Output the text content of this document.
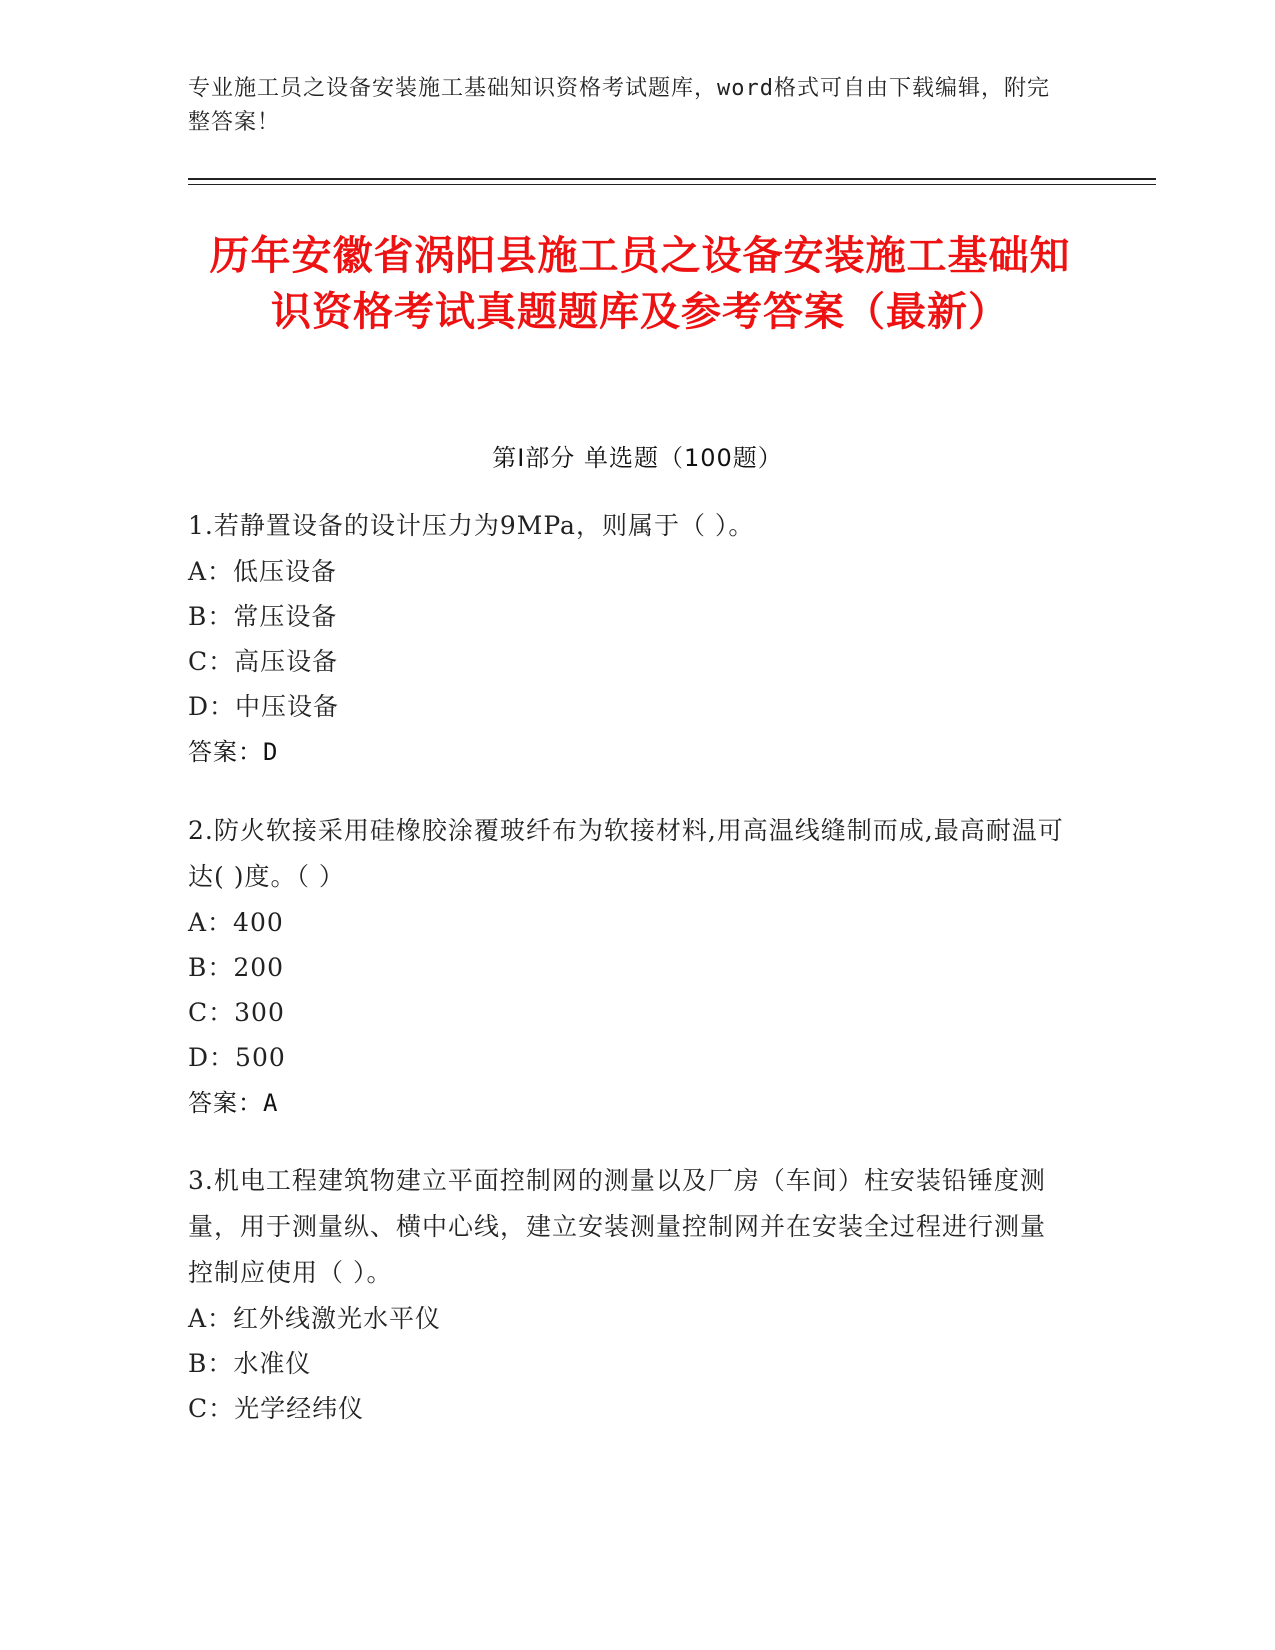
专业施工员之设备安装施工基础知识资格考试题库，word格式可自由下载编辑，附完整答案！
历年安徽省涡阳县施工员之设备安装施工基础知识资格考试真题题库及参考答案（最新）
第Ⅰ部分 单选题（100题）
1.若静置设备的设计压力为9MPa，则属于（ ）。
A：低压设备
B：常压设备
C：高压设备
D：中压设备
答案：D
2.防火软接采用硅橡胶涂覆玻纤布为软接材料,用高温线缝制而成,最高耐温可达( )度。（ ）
A：400
B：200
C：300
D：500
答案：A
3.机电工程建筑物建立平面控制网的测量以及厂房（车间）柱安装铅锤度测量，用于测量纵、横中心线，建立安装测量控制网并在安装全过程进行测量控制应使用（ ）。
A：红外线激光水平仪
B：水准仪
C：光学经纬仪
